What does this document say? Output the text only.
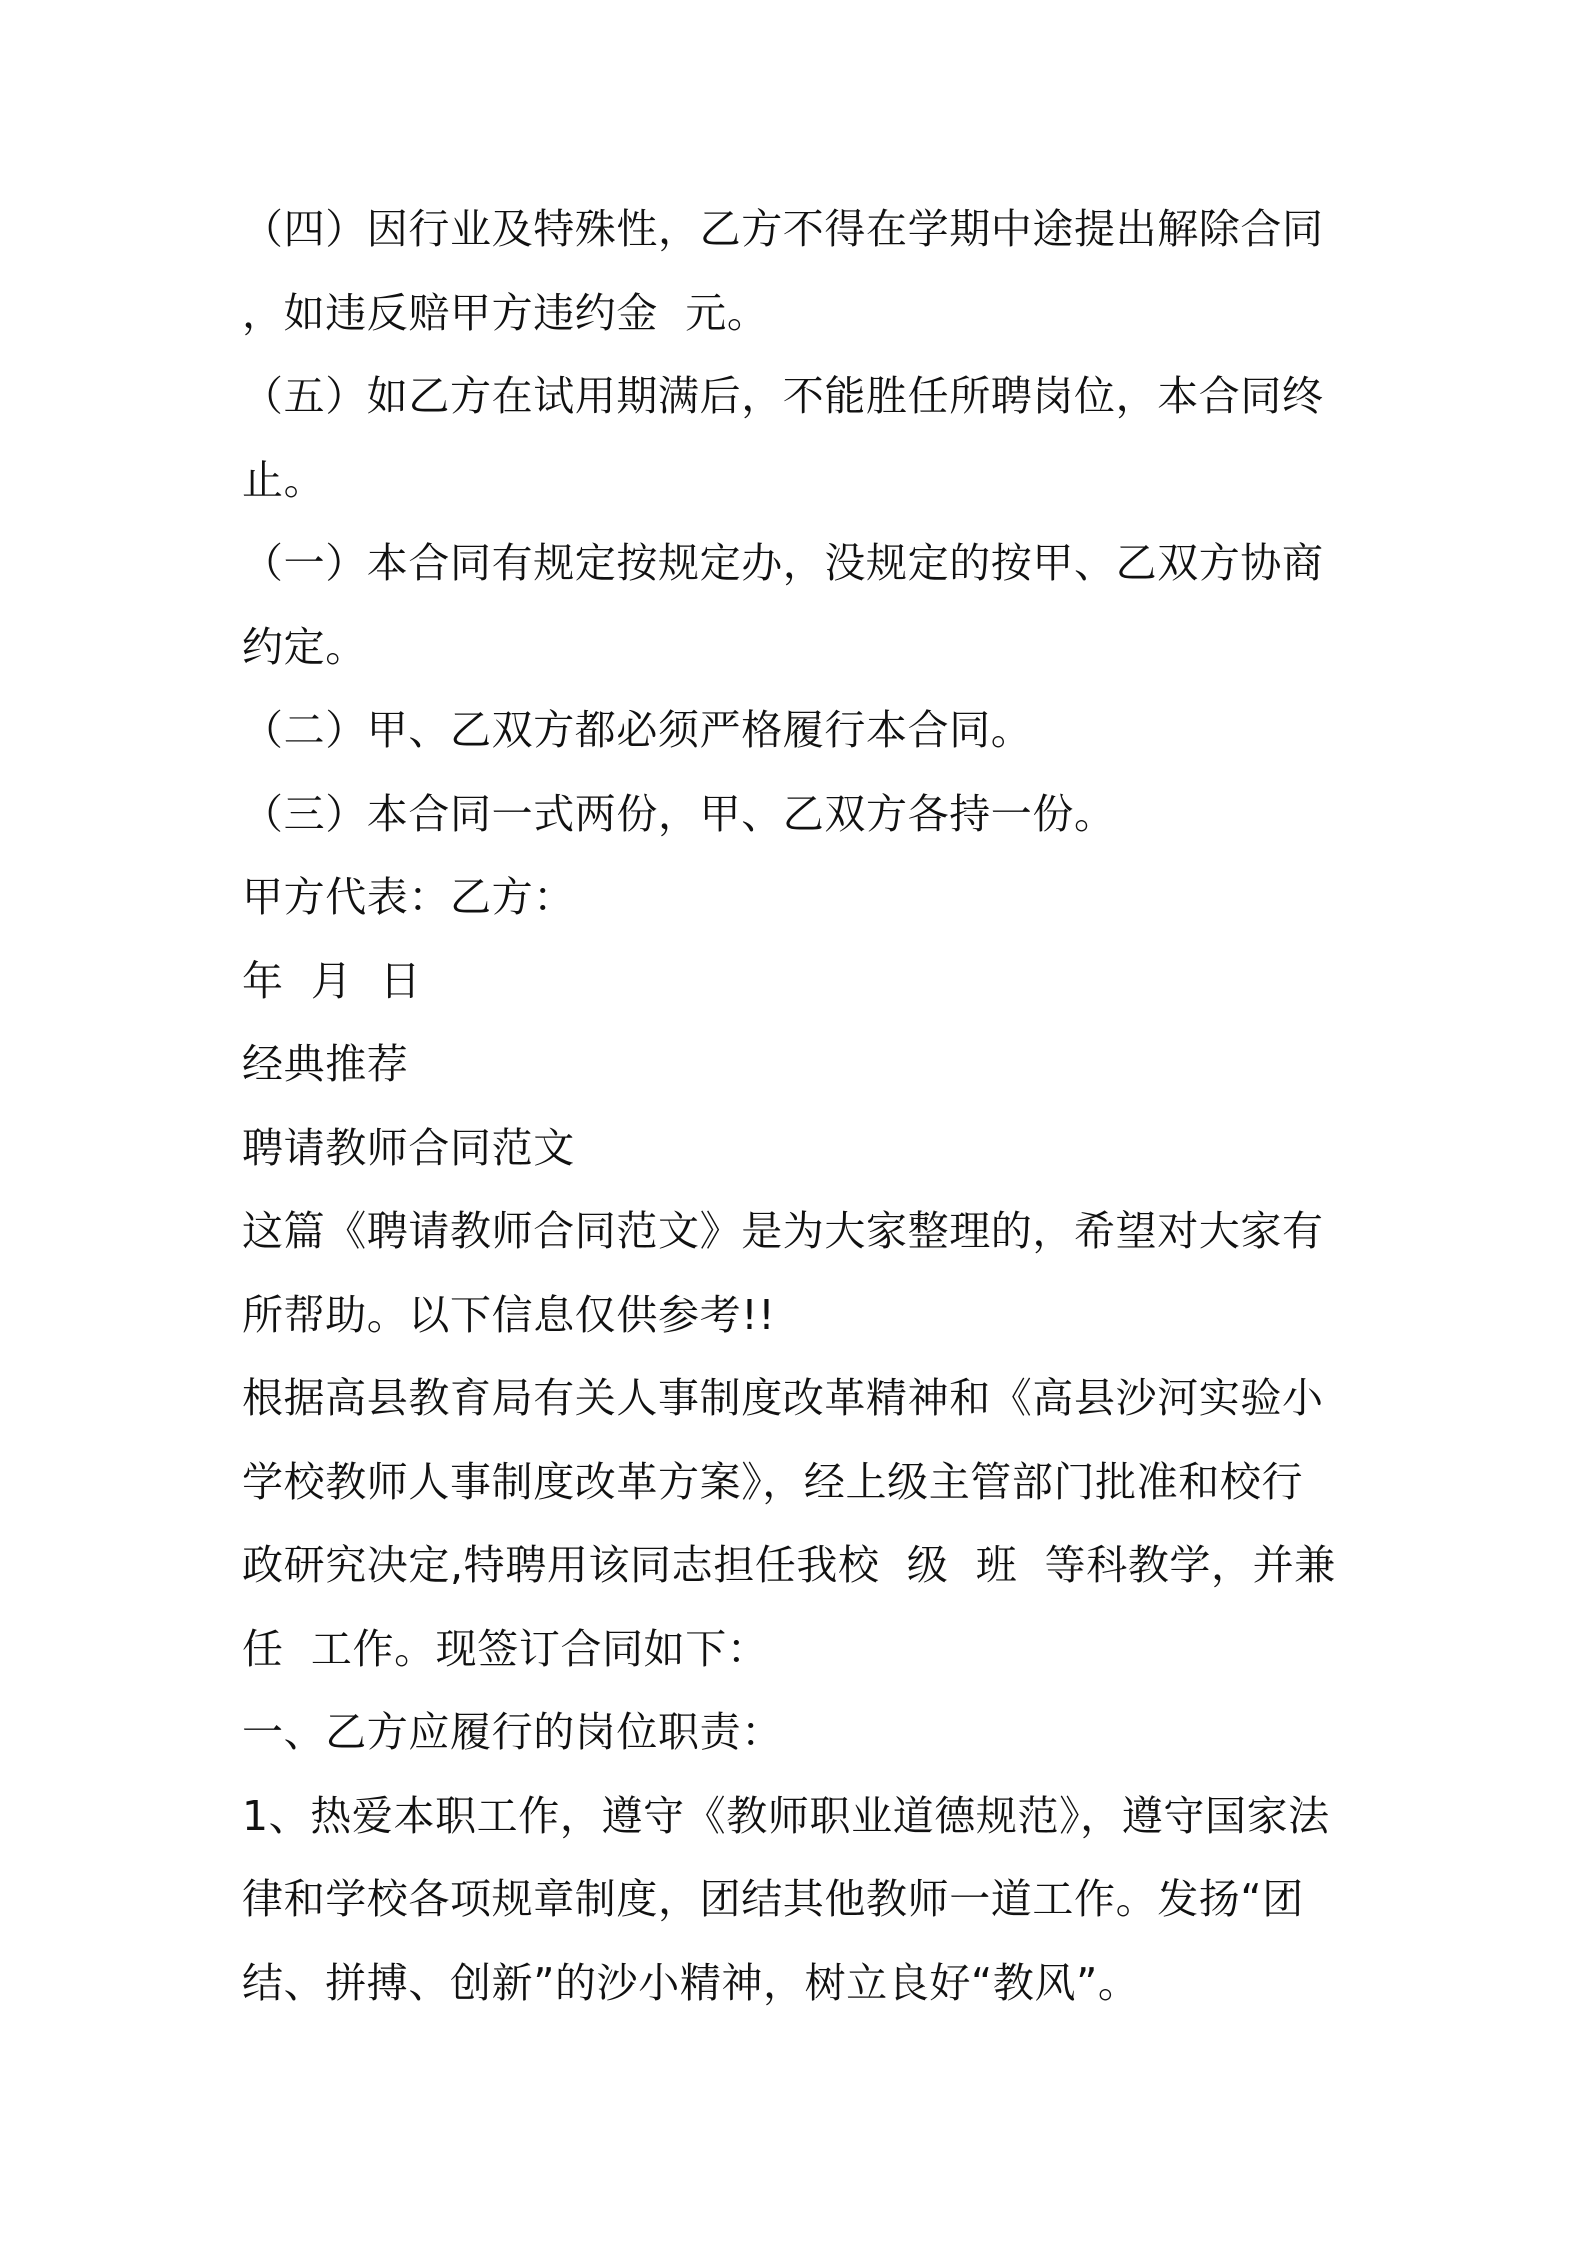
（四）因行业及特殊性，乙方不得在学期中途提出解除合同
，如违反赔甲方违约金  元。
（五）如乙方在试用期满后，不能胜任所聘岗位，本合同终
止。
（一）本合同有规定按规定办，没规定的按甲、乙双方协商
约定。
（二）甲、乙双方都必须严格履行本合同。
（三）本合同一式两份，甲、乙双方各持一份。
甲方代表：乙方：
年  月  日
经典推荐
聘请教师合同范文
这篇《聘请教师合同范文》是为大家整理的，希望对大家有
所帮助。以下信息仅供参考!!
根据高县教育局有关人事制度改革精神和《高县沙河实验小
学校教师人事制度改革方案》，经上级主管部门批准和校行
政研究决定,特聘用该同志担任我校  级  班  等科教学，并兼
任  工作。现签订合同如下：
一、乙方应履行的岗位职责：
1、热爱本职工作，遵守《教师职业道德规范》，遵守国家法
律和学校各项规章制度，团结其他教师一道工作。发扬“团
结、拼搏、创新”的沙小精神，树立良好“教风”。
